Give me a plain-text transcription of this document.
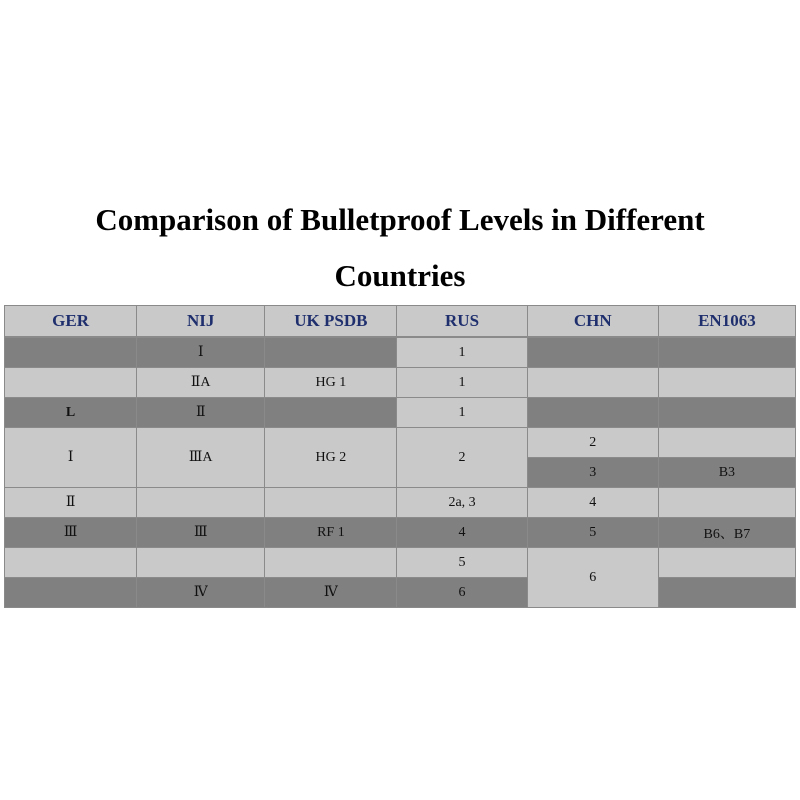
Comparison of Bulletproof Levels in Different
Countries
GER	NIJ	UK PSDB	RUS	CHN	EN1063
	Ⅰ		1		
	ⅡA	HG 1	1		
L	Ⅱ		1		
Ⅰ	ⅢA	HG 2	2	2	
				3	B3
Ⅱ			2a, 3	4	
Ⅲ	Ⅲ	RF 1	4	5	B6、B7
			5	6	
	Ⅳ	Ⅳ	6		
